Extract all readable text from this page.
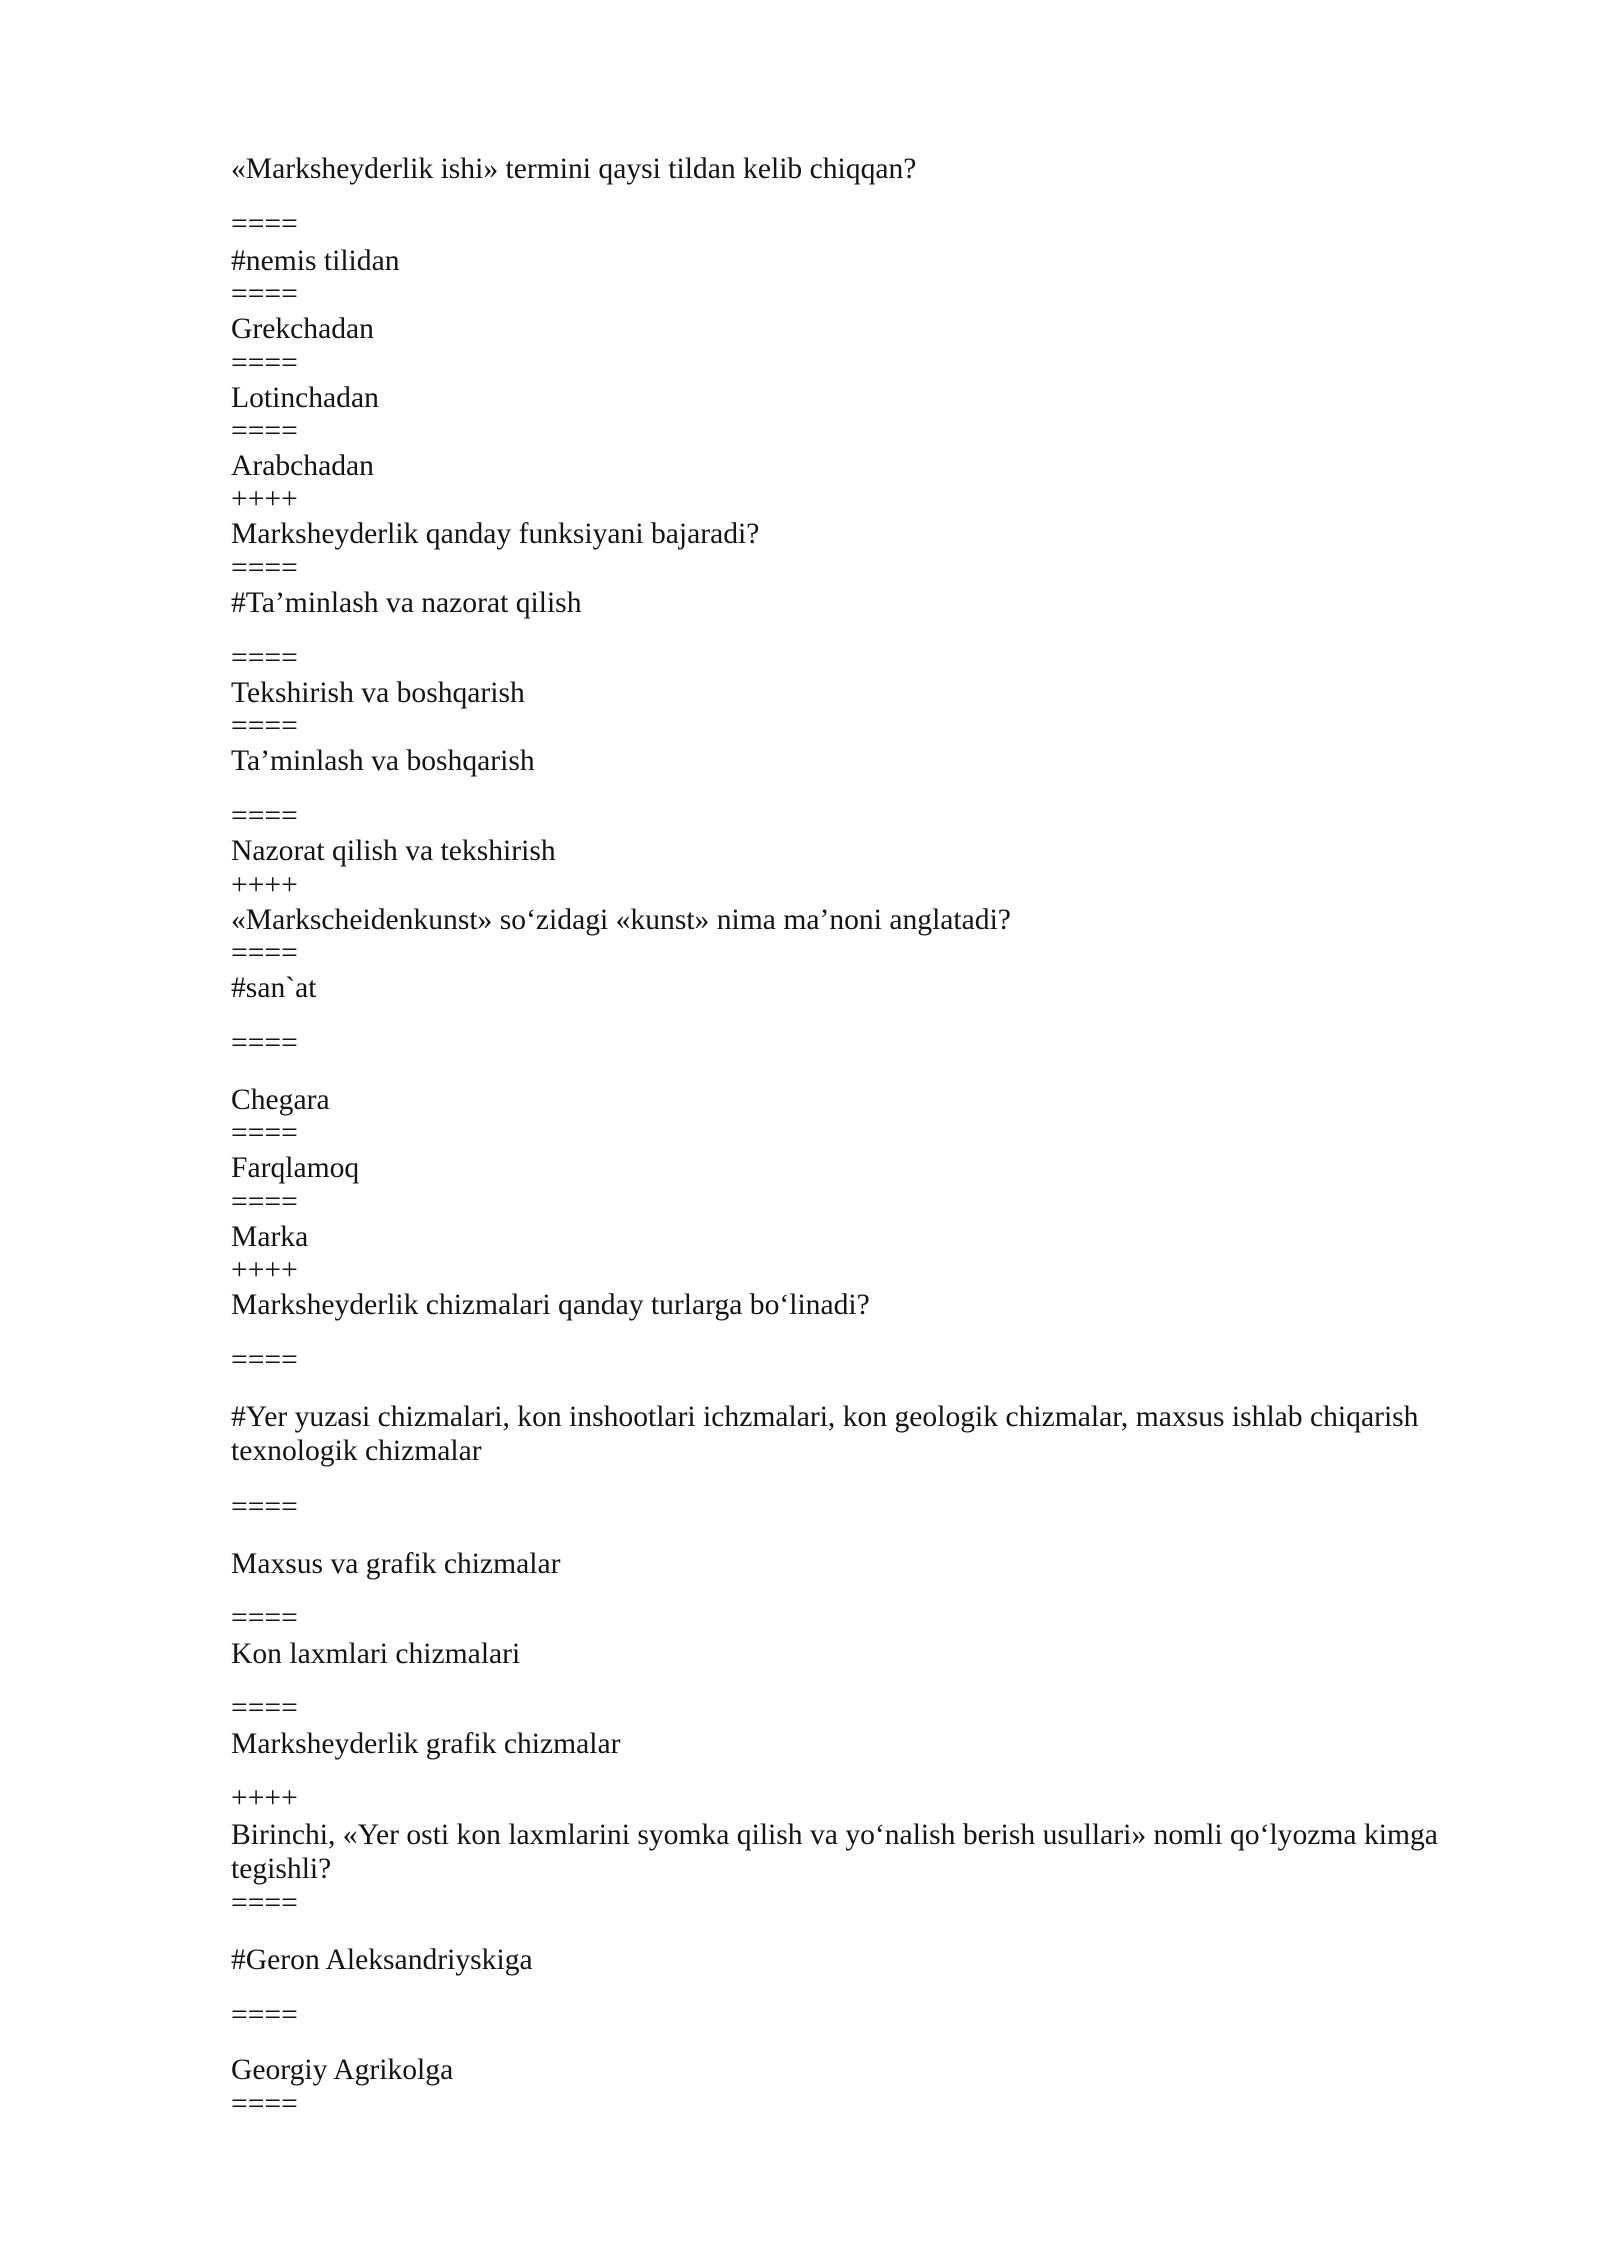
«Marksheyderlik ishi» termini qaysi tildan kelib chiqqan?
====
#nemis tilidan
====
Grekchadan
====
Lotinchadan
====
Arabchadan
++++
Marksheyderlik qanday funksiyani bajaradi?
====
#Ta’minlash va nazorat qilish
====
Tekshirish va boshqarish
====
Ta’minlash va boshqarish
====
Nazorat qilish va tekshirish
++++
«Markscheidenkunst» so‘zidagi «kunst» nima ma’noni anglatadi?
====
#san`at
====
Chegara
====
Farqlamoq
====
Marka
++++
Marksheyderlik chizmalari qanday turlarga bo‘linadi?
====
#Yer yuzasi chizmalari, kon inshootlari ichzmalari, kon geologik chizmalar, maxsus ishlab chiqarish texnologik chizmalar
====
Maxsus va grafik chizmalar
====
Kon laxmlari chizmalari
====
Marksheyderlik grafik chizmalar
++++
Birinchi, «Yer osti kon laxmlarini syomka qilish va yo‘nalish berish usullari» nomli qo‘lyozma kimga tegishli?
====
#Geron Aleksandriyskiga
====
Georgiy Agrikolga
====
